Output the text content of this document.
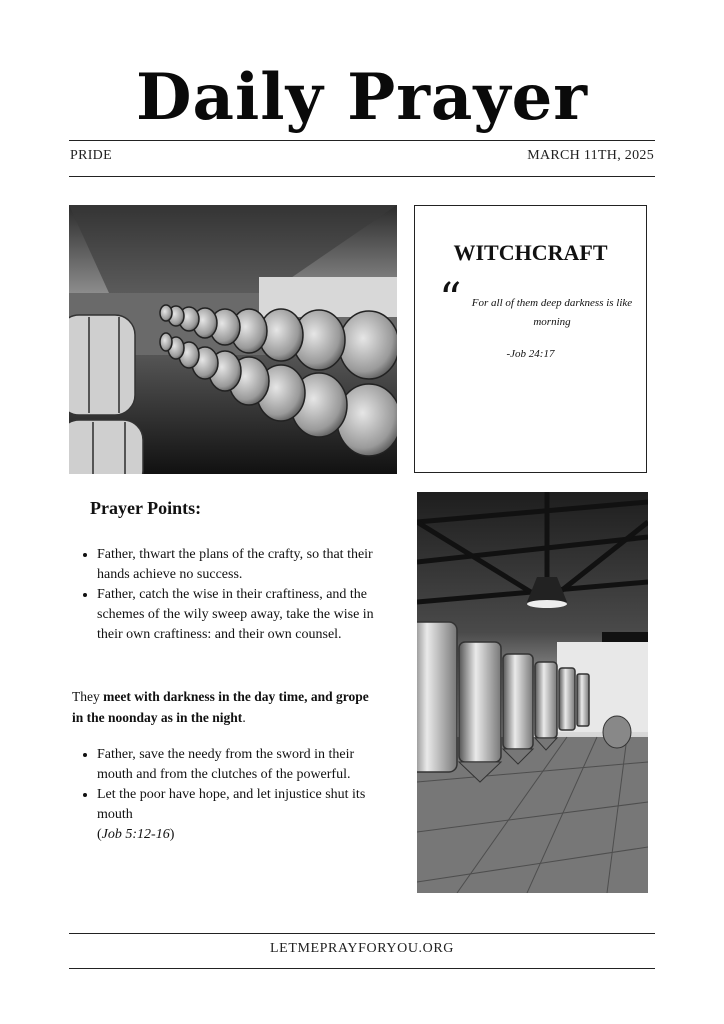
Daily Prayer
PRIDE	MARCH 11TH, 2025
WITCHCRAFT
“ For all of them deep darkness is like morning
-Job 24:17
Prayer Points:
• Father, thwart the plans of the crafty, so that their hands achieve no success.
• Father, catch the wise in their craftiness, and the schemes of the wily sweep away, take the wise in their own craftiness: and their own counsel.
They meet with darkness in the day time, and grope in the noonday as in the night.
• Father, save the needy from the sword in their mouth and from the clutches of the powerful.
• Let the poor have hope, and let injustice shut its mouth
(Job 5:12-16)
LETMEPRAYFORYOU.ORG
